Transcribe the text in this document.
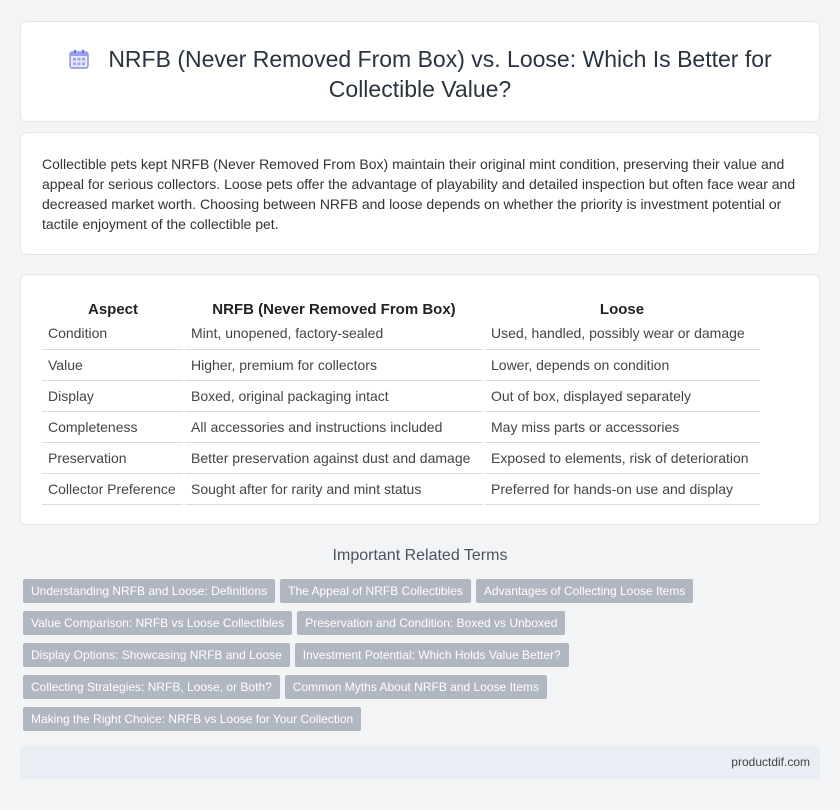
NRFB (Never Removed From Box) vs. Loose: Which Is Better for
Collectible Value?

Collectible pets kept NRFB (Never Removed From Box) maintain their original mint condition, preserving their value and appeal for serious collectors. Loose pets offer the advantage of playability and detailed inspection but often face wear and decreased market worth. Choosing between NRFB and loose depends on whether the priority is investment potential or tactile enjoyment of the collectible pet.

Aspect	NRFB (Never Removed From Box)	Loose
Condition	Mint, unopened, factory-sealed	Used, handled, possibly wear or damage
Value	Higher, premium for collectors	Lower, depends on condition
Display	Boxed, original packaging intact	Out of box, displayed separately
Completeness	All accessories and instructions included	May miss parts or accessories
Preservation	Better preservation against dust and damage	Exposed to elements, risk of deterioration
Collector Preference	Sought after for rarity and mint status	Preferred for hands-on use and display
Important Related Terms
Understanding NRFB and Loose: Definitions The Appeal of NRFB Collectibles Advantages of Collecting Loose Items
Value Comparison: NRFB vs Loose Collectibles Preservation and Condition: Boxed vs Unboxed
Display Options: Showcasing NRFB and Loose Investment Potential: Which Holds Value Better?
Collecting Strategies: NRFB, Loose, or Both? Common Myths About NRFB and Loose Items
Making the Right Choice: NRFB vs Loose for Your Collection
productdif.com
